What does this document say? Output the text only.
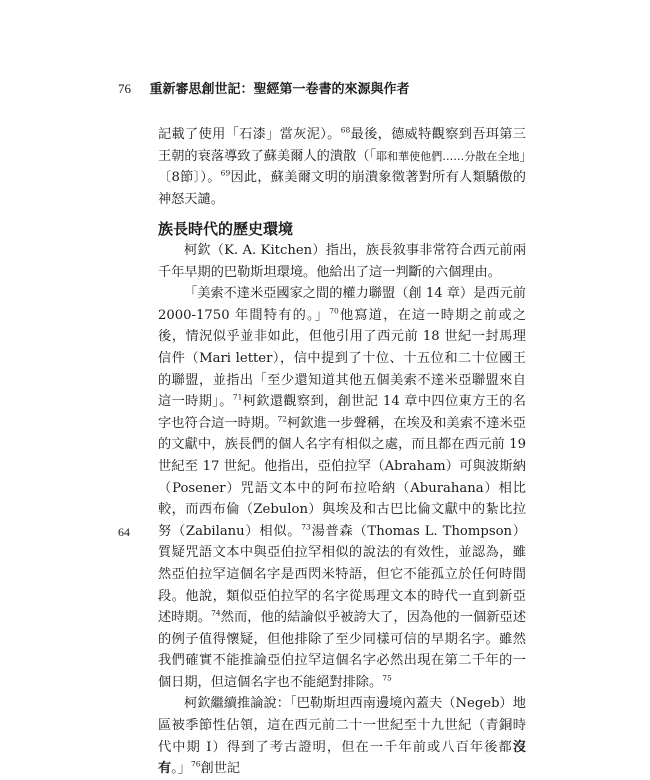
76 重新審思創世記：聖經第一卷書的來源與作者
64

記載了使用「石漆」當灰泥）。$^{68}$最後，德威特觀察到吾珥第三王朝的衰落導致了蘇美爾人的潰散（「耶和華使他們……分散在全地」〔8節〕）。$^{69}$因此，蘇美爾文明的崩潰象徵著對所有人類驕傲的神怒天譴。

族長時代的歷史環境

柯欽（K. A. Kitchen）指出，族長敘事非常符合西元前兩千年早期的巴勒斯坦環境。他給出了這一判斷的六個理由。

「美索不達米亞國家之間的權力聯盟（創 14 章）是西元前 2000-1750 年間特有的。」$^{70}$他寫道，在這一時期之前或之後，情況似乎並非如此，但他引用了西元前 18 世紀一封馬理信件（Mari letter），信中提到了十位、十五位和二十位國王的聯盟，並指出「至少還知道其他五個美索不達米亞聯盟來自這一時期」。$^{71}$柯欽還觀察到，創世記 14 章中四位東方王的名字也符合這一時期。$^{72}$柯欽進一步聲稱，在埃及和美索不達米亞的文獻中，族長們的個人名字有相似之處，而且都在西元前 19 世紀至 17 世紀。他指出，亞伯拉罕（Abraham）可與波斯納（Posener）咒語文本中的阿布拉哈納（Aburahana）相比較，而西布倫（Zebulon）與埃及和古巴比倫文獻中的紮比拉努（Zabilanu）相似。$^{73}$湯普森（Thomas L. Thompson）質疑咒語文本中與亞伯拉罕相似的說法的有效性，並認為，雖然亞伯拉罕這個名字是西閃米特語，但它不能孤立於任何時間段。他說，類似亞伯拉罕的名字從馬理文本的時代一直到新亞述時期。$^{74}$然而，他的結論似乎被誇大了，因為他的一個新亞述的例子值得懷疑，但他排除了至少同樣可信的早期名字。雖然我們確實不能推論亞伯拉罕這個名字必然出現在第二千年的一個日期，但這個名字也不能絕對排除。$^{75}$

柯欽繼續推論說：「巴勒斯坦西南邊境內蓋夫（Negeb）地區被季節性佔領，這在西元前二十一世紀至十九世紀（青銅時代中期 I）得到了考古證明，但在一千年前或八百年後都沒有。」$^{76}$創世記
